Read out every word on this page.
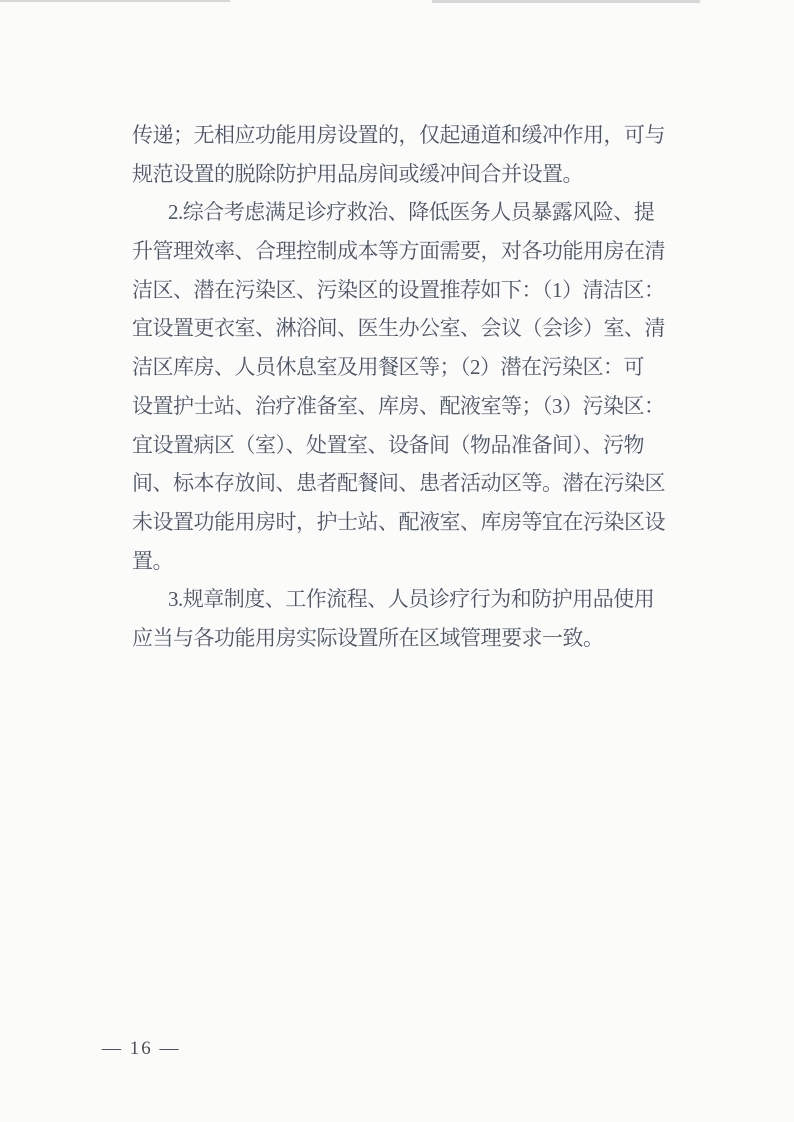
传递；无相应功能用房设置的，仅起通道和缓冲作用，可与
规范设置的脱除防护用品房间或缓冲间合并设置。

2.综合考虑满足诊疗救治、降低医务人员暴露风险、提
升管理效率、合理控制成本等方面需要，对各功能用房在清
洁区、潜在污染区、污染区的设置推荐如下：（1）清洁区：
宜设置更衣室、淋浴间、医生办公室、会议（会诊）室、清
洁区库房、人员休息室及用餐区等；（2）潜在污染区：可
设置护士站、治疗准备室、库房、配液室等；（3）污染区：
宜设置病区（室）、处置室、设备间（物品准备间）、污物
间、标本存放间、患者配餐间、患者活动区等。潜在污染区
未设置功能用房时，护士站、配液室、库房等宜在污染区设
置。

3.规章制度、工作流程、人员诊疗行为和防护用品使用
应当与各功能用房实际设置所在区域管理要求一致。

— 16 —
